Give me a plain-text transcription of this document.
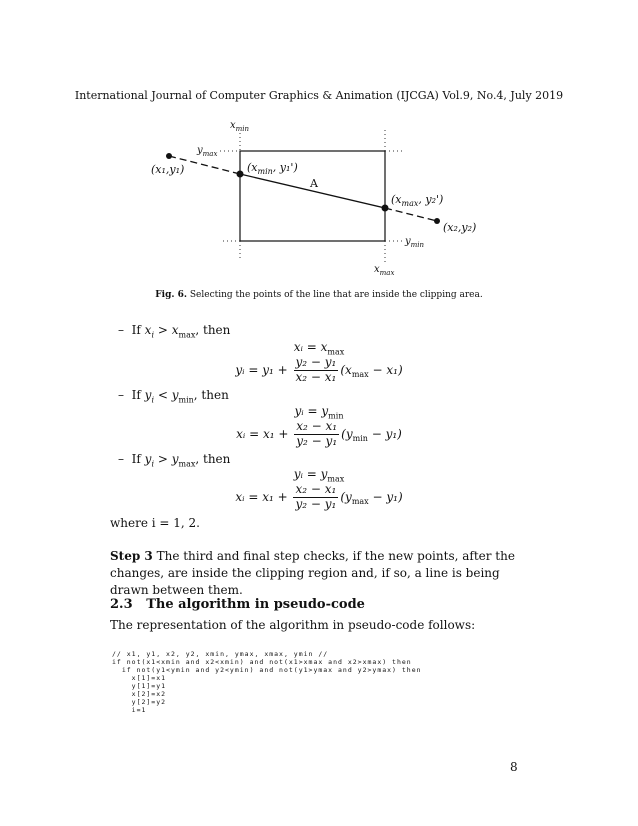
International Journal of Computer Graphics & Animation (IJCGA) Vol.9, No.4, July 2019
$x_{min}$
$y_{max}$
(x₁,y₁)	($x_{min}$, y₁')
A
($x_{max}$, y₂')
(x₂,y₂)
$y_{min}$
$x_{max}$
Fig. 6. Selecting the points of the line that are inside the clipping area.
– If $x_i > x_{max}$, then
xᵢ = $x_{max}$
yᵢ = $y_1 + \frac{\text{y₂ − y₁}}{\text{x₂ − x₁}} (x_{max} - x_1)$
– If $y_i < y_{min}$, then
yᵢ = $y_{min}$
xᵢ = $x_1 + \frac{\text{x₂ − x₁}}{\text{y₂ − y₁}} (y_{min} - y_1)$
– If $y_i > y_{max}$, then
yᵢ = $y_{max}$
xᵢ = $x_1 + \frac{\text{x₂ − x₁}}{\text{y₂ − y₁}} (y_{max} - y_1)$
where i = 1, 2.
Step 3 The third and final step checks, if the new points, after the changes, are inside the clipping region and, if so, a line is being drawn between them.
2.3 The algorithm in pseudo-code
The representation of the algorithm in pseudo-code follows:

// x1, y1, x2, y2, xmin, ymax, xmax, ymin //
if not(x1<xmin and x2<xmin) and not(x1>xmax and x2>xmax) then
if not(y1<ymin and y2<ymin) and not(y1>ymax and y2>ymax) then
x[1]=x1
y[1]=y1
x[2]=x2
y[2]=y2
i=1

8
